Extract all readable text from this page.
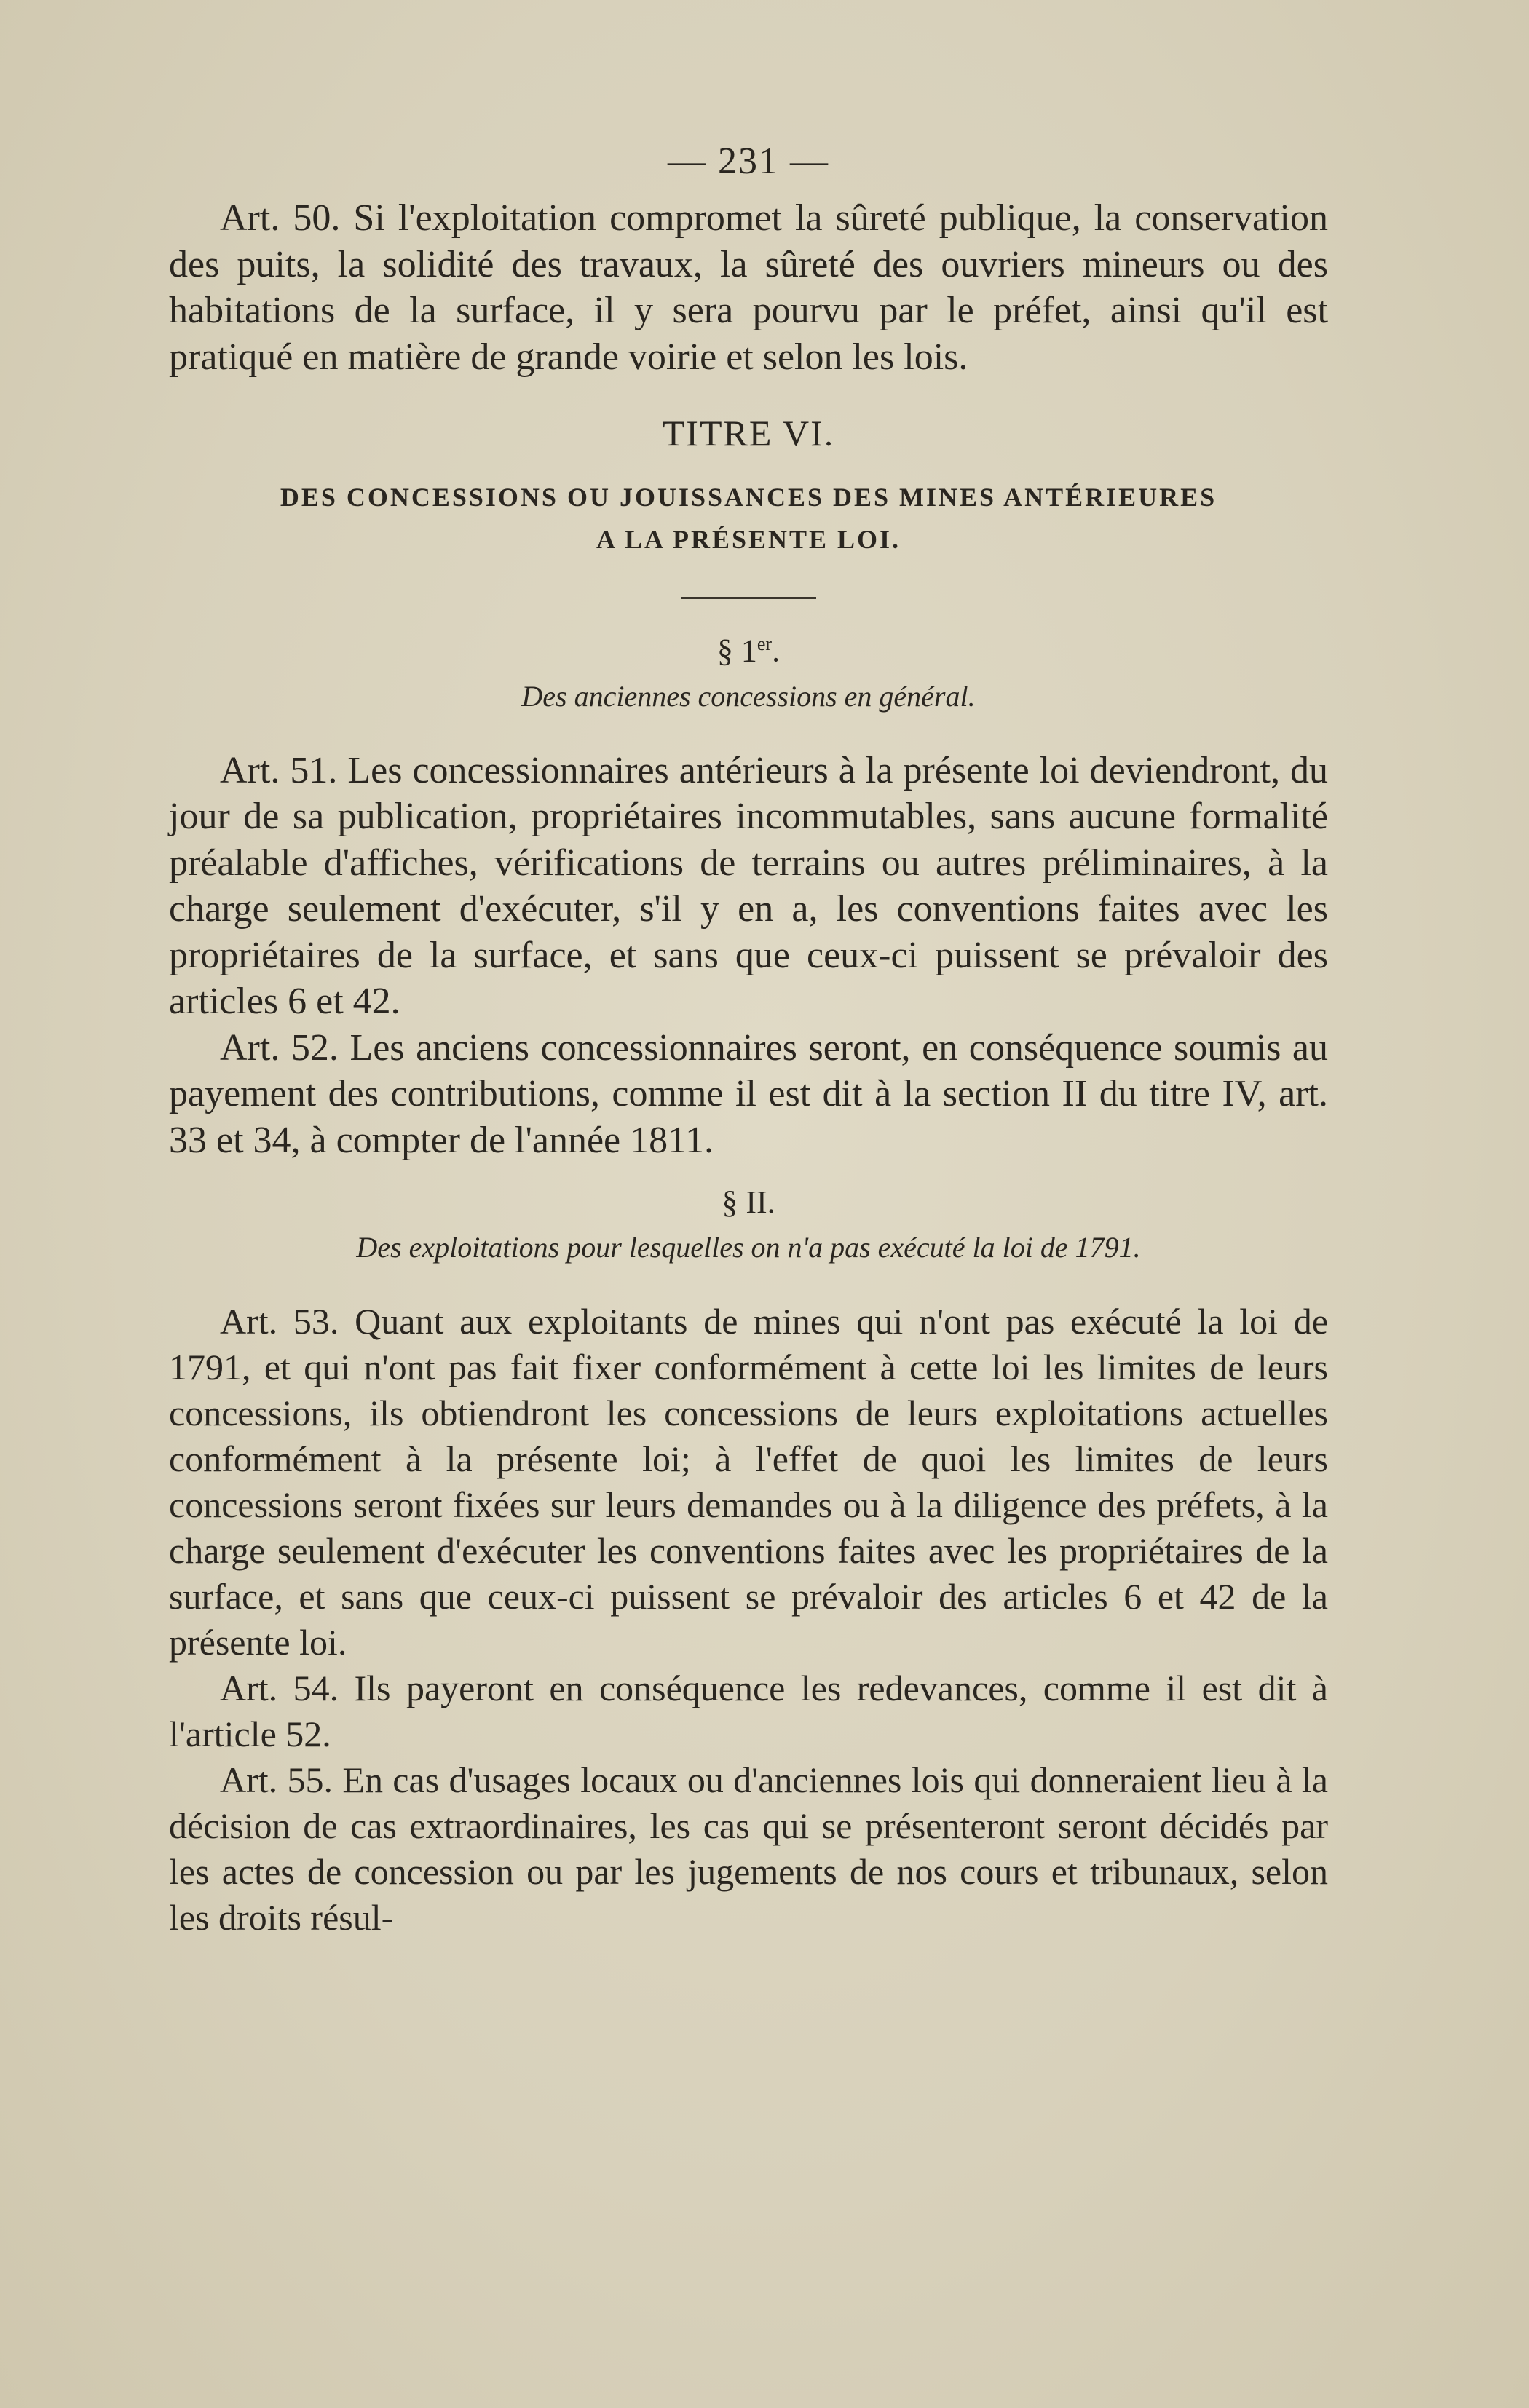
— 231 —

Art. 50. Si l'exploitation compromet la sûreté publique, la conservation des puits, la solidité des travaux, la sûreté des ouvriers mineurs ou des habitations de la surface, il y sera pourvu par le préfet, ainsi qu'il est pratiqué en matière de grande voirie et selon les lois.

TITRE VI.
DES CONCESSIONS OU JOUISSANCES DES MINES ANTÉRIEURES
A LA PRÉSENTE LOI.
§ 1er.
Des anciennes concessions en général.

Art. 51. Les concessionnaires antérieurs à la présente loi deviendront, du jour de sa publication, propriétaires incommutables, sans aucune formalité préalable d'affiches, vérifications de terrains ou autres préliminaires, à la charge seulement d'exécuter, s'il y en a, les conventions faites avec les propriétaires de la surface, et sans que ceux-ci puissent se prévaloir des articles 6 et 42.

Art. 52. Les anciens concessionnaires seront, en conséquence soumis au payement des contributions, comme il est dit à la section II du titre IV, art. 33 et 34, à compter de l'année 1811.

§ II.
Des exploitations pour lesquelles on n'a pas exécuté la loi de 1791.

Art. 53. Quant aux exploitants de mines qui n'ont pas exécuté la loi de 1791, et qui n'ont pas fait fixer conformément à cette loi les limites de leurs concessions, ils obtiendront les concessions de leurs exploitations actuelles conformément à la présente loi; à l'effet de quoi les limites de leurs concessions seront fixées sur leurs demandes ou à la diligence des préfets, à la charge seulement d'exécuter les conventions faites avec les propriétaires de la surface, et sans que ceux-ci puissent se prévaloir des articles 6 et 42 de la présente loi.

Art. 54. Ils payeront en conséquence les redevances, comme il est dit à l'article 52.

Art. 55. En cas d'usages locaux ou d'anciennes lois qui donneraient lieu à la décision de cas extraordinaires, les cas qui se présenteront seront décidés par les actes de concession ou par les jugements de nos cours et tribunaux, selon les droits résul-
